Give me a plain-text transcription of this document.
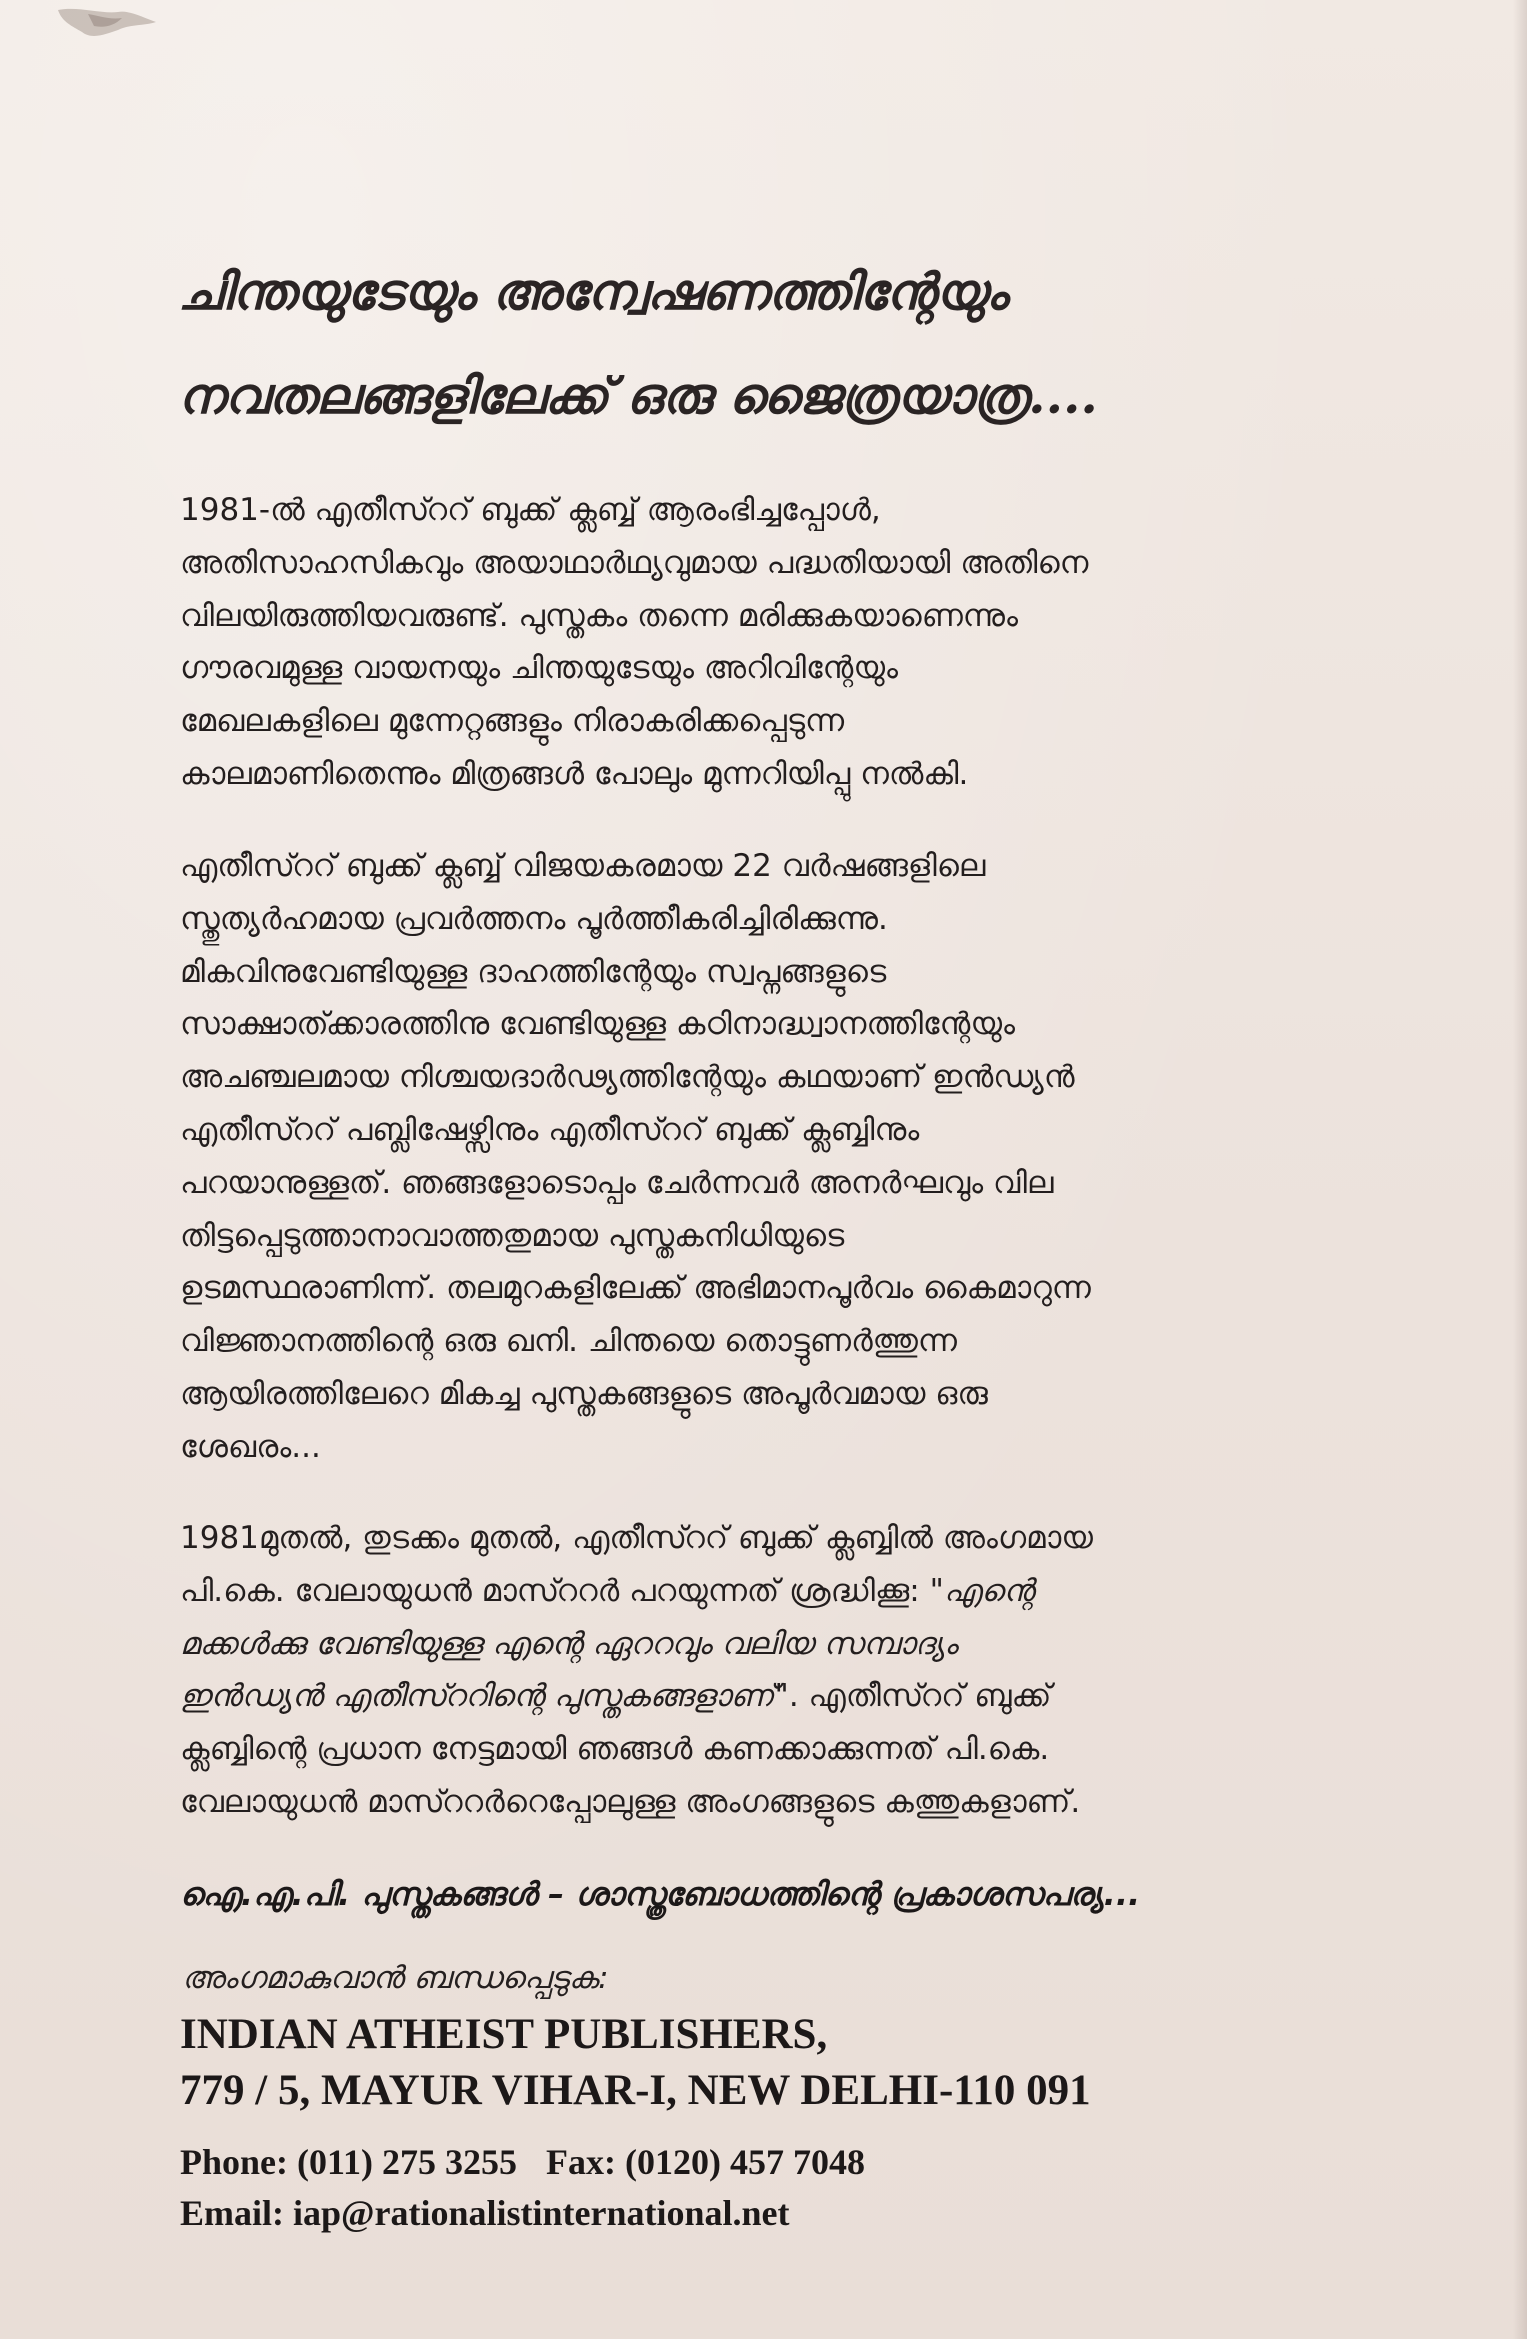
ചിന്തയുടേയും അന്വേഷണത്തിന്റേയും
നവതലങ്ങളിലേക്ക് ഒരു ജൈത്രയാത്ര....
1981-ൽ എതീസ്ററ് ബുക്ക് ക്ലബ്ബ് ആരംഭിച്ചപ്പോൾ,
അതിസാഹസികവും അയാഥാർഥ്യവുമായ പദ്ധതിയായി അതിനെ
വിലയിരുത്തിയവരുണ്ട്. പുസ്തകം തന്നെ മരിക്കുകയാണെന്നും
ഗൗരവമുള്ള വായനയും ചിന്തയുടേയും അറിവിന്റേയും
മേഖലകളിലെ മുന്നേറ്റങ്ങളും നിരാകരിക്കപ്പെടുന്ന
കാലമാണിതെന്നും മിത്രങ്ങൾ പോലും മുന്നറിയിപ്പു നൽകി.
എതീസ്ററ് ബുക്ക് ക്ലബ്ബ് വിജയകരമായ 22 വർഷങ്ങളിലെ
സ്തുത്യർഹമായ പ്രവർത്തനം പൂർത്തീകരിച്ചിരിക്കുന്നു.
മികവിനുവേണ്ടിയുള്ള ദാഹത്തിന്റേയും സ്വപ്നങ്ങളുടെ
സാക്ഷാത്ക്കാരത്തിനു വേണ്ടിയുള്ള കഠിനാദ്ധ്വാനത്തിന്റേയും
അചഞ്ചലമായ നിശ്ചയദാർഢ്യത്തിന്റേയും കഥയാണ് ഇൻഡ്യൻ
എതീസ്ററ് പബ്ലിഷേഴ്സിനും എതീസ്ററ് ബുക്ക് ക്ലബ്ബിനും
പറയാനുള്ളത്. ഞങ്ങളോടൊപ്പം ചേർന്നവർ അനർഘവും വില
തിട്ടപ്പെടുത്താനാവാത്തതുമായ പുസ്തകനിധിയുടെ
ഉടമസ്ഥരാണിന്ന്. തലമുറകളിലേക്ക് അഭിമാനപൂർവം കൈമാറുന്ന
വിജ്ഞാനത്തിന്റെ ഒരു ഖനി. ചിന്തയെ തൊട്ടുണർത്തുന്ന
ആയിരത്തിലേറെ മികച്ച പുസ്തകങ്ങളുടെ അപൂർവമായ ഒരു
ശേഖരം...
1981മുതൽ, തുടക്കം മുതൽ, എതീസ്ററ് ബുക്ക് ക്ലബ്ബിൽ അംഗമായ
പി.കെ. വേലായുധൻ മാസ്ററർ പറയുന്നത് ശ്രദ്ധിക്കൂ: "എന്റെ
മക്കൾക്കു വേണ്ടിയുള്ള എന്റെ ഏററവും വലിയ സമ്പാദ്യം
ഇൻഡ്യൻ എതീസ്ററിന്റെ പുസ്തകങ്ങളാണ്". എതീസ്ററ് ബുക്ക്
ക്ലബ്ബിന്റെ പ്രധാന നേട്ടമായി ഞങ്ങൾ കണക്കാക്കുന്നത് പി.കെ.
വേലായുധൻ മാസ്ററർറെപ്പോലുള്ള അംഗങ്ങളുടെ കത്തുകളാണ്.
ഐ.എ.പി. പുസ്തകങ്ങൾ – ശാസ്ത്രബോധത്തിന്റെ പ്രകാശസപര്യ...
അംഗമാകുവാൻ ബന്ധപ്പെടുക:
INDIAN ATHEIST PUBLISHERS,
779 / 5, MAYUR VIHAR-I, NEW DELHI-110 091
Phone: (011) 275 3255 Fax: (0120) 457 7048
Email: iap@rationalistinternational.net
